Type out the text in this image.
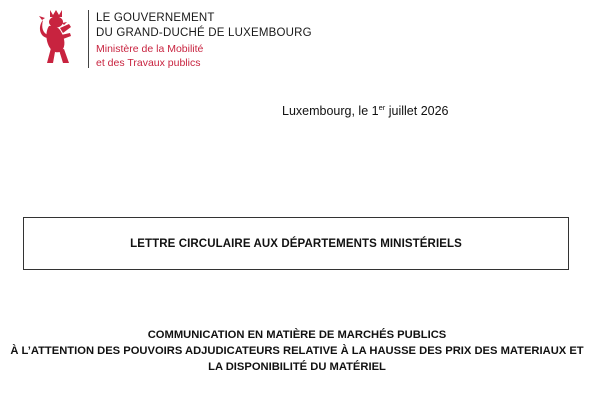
LE GOUVERNEMENT
DU GRAND-DUCHÉ DE LUXEMBOURG
Ministère de la Mobilité
et des Travaux publics
Luxembourg, le 1er juillet 2026
LETTRE CIRCULAIRE AUX DÉPARTEMENTS MINISTÉRIELS
COMMUNICATION EN MATIÈRE DE MARCHÉS PUBLICS
À L’ATTENTION DES POUVOIRS ADJUDICATEURS RELATIVE À LA HAUSSE DES PRIX DES MATERIAUX ET
LA DISPONIBILITÉ DU MATÉRIEL
